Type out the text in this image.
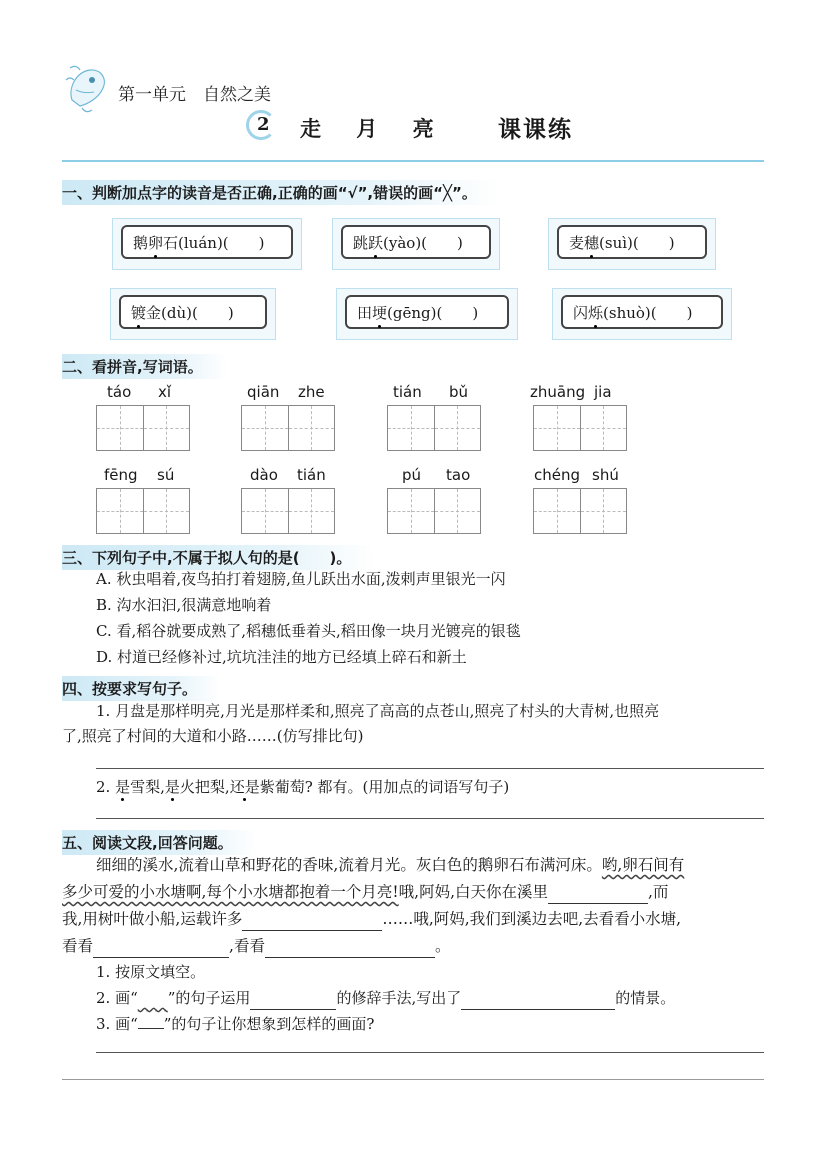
第一单元　自然之美
2 走 月 亮 课课练
一、判断加点字的读音是否正确,正确的画“√”,错误的画“╳”。
鹅 卵 石(luán)(　　)	跳 跃 (yào)(　　)	麦 穗 (suì)(　　)
镀 金(dù)(　　)	田 埂 (gēng)(　　)	闪 烁 (shuò)(　　)
二、看拼音,写词语。
táo xǐ	qiān zhe	tián bǔ	zhuāng jia
fēng sú	dào tián	pú tao	chéng shú
三、下列句子中,不属于拟人句的是(　　)。
A. 秋虫唱着,夜鸟拍打着翅膀,鱼儿跃出水面,泼剌声里银光一闪
B. 沟水汩汩,很满意地响着
C. 看,稻谷就要成熟了,稻穗低垂着头,稻田像一块月光镀亮的银毯
D. 村道已经修补过,坑坑洼洼的地方已经填上碎石和新土
四、按要求写句子。
1. 月盘是那样明亮,月光是那样柔和,照亮了高高的点苍山,照亮了村头的大青树,也照亮
了,照亮了村间的大道和小路……(仿写排比句)
2. 是雪梨,是火把梨,还是紫葡萄? 都有。(用加点的词语写句子)
五、阅读文段,回答问题。
细细的溪水,流着山草和野花的香味,流着月光。灰白色的鹅卵石布满河床。哟,卵石间有
多少可爱的小水塘啊,每个小水塘都抱着一个月亮!哦,阿妈,白天你在溪里	,而
我,用树叶做小船,运载许多	……哦,阿妈,我们到溪边去吧,去看看小水塘,
看看	,看看	。
1. 按原文填空。
2. 画“ ”的句子运用	的修辞手法,写出了	的情景。
3. 画“ ”的句子让你想象到怎样的画面?
